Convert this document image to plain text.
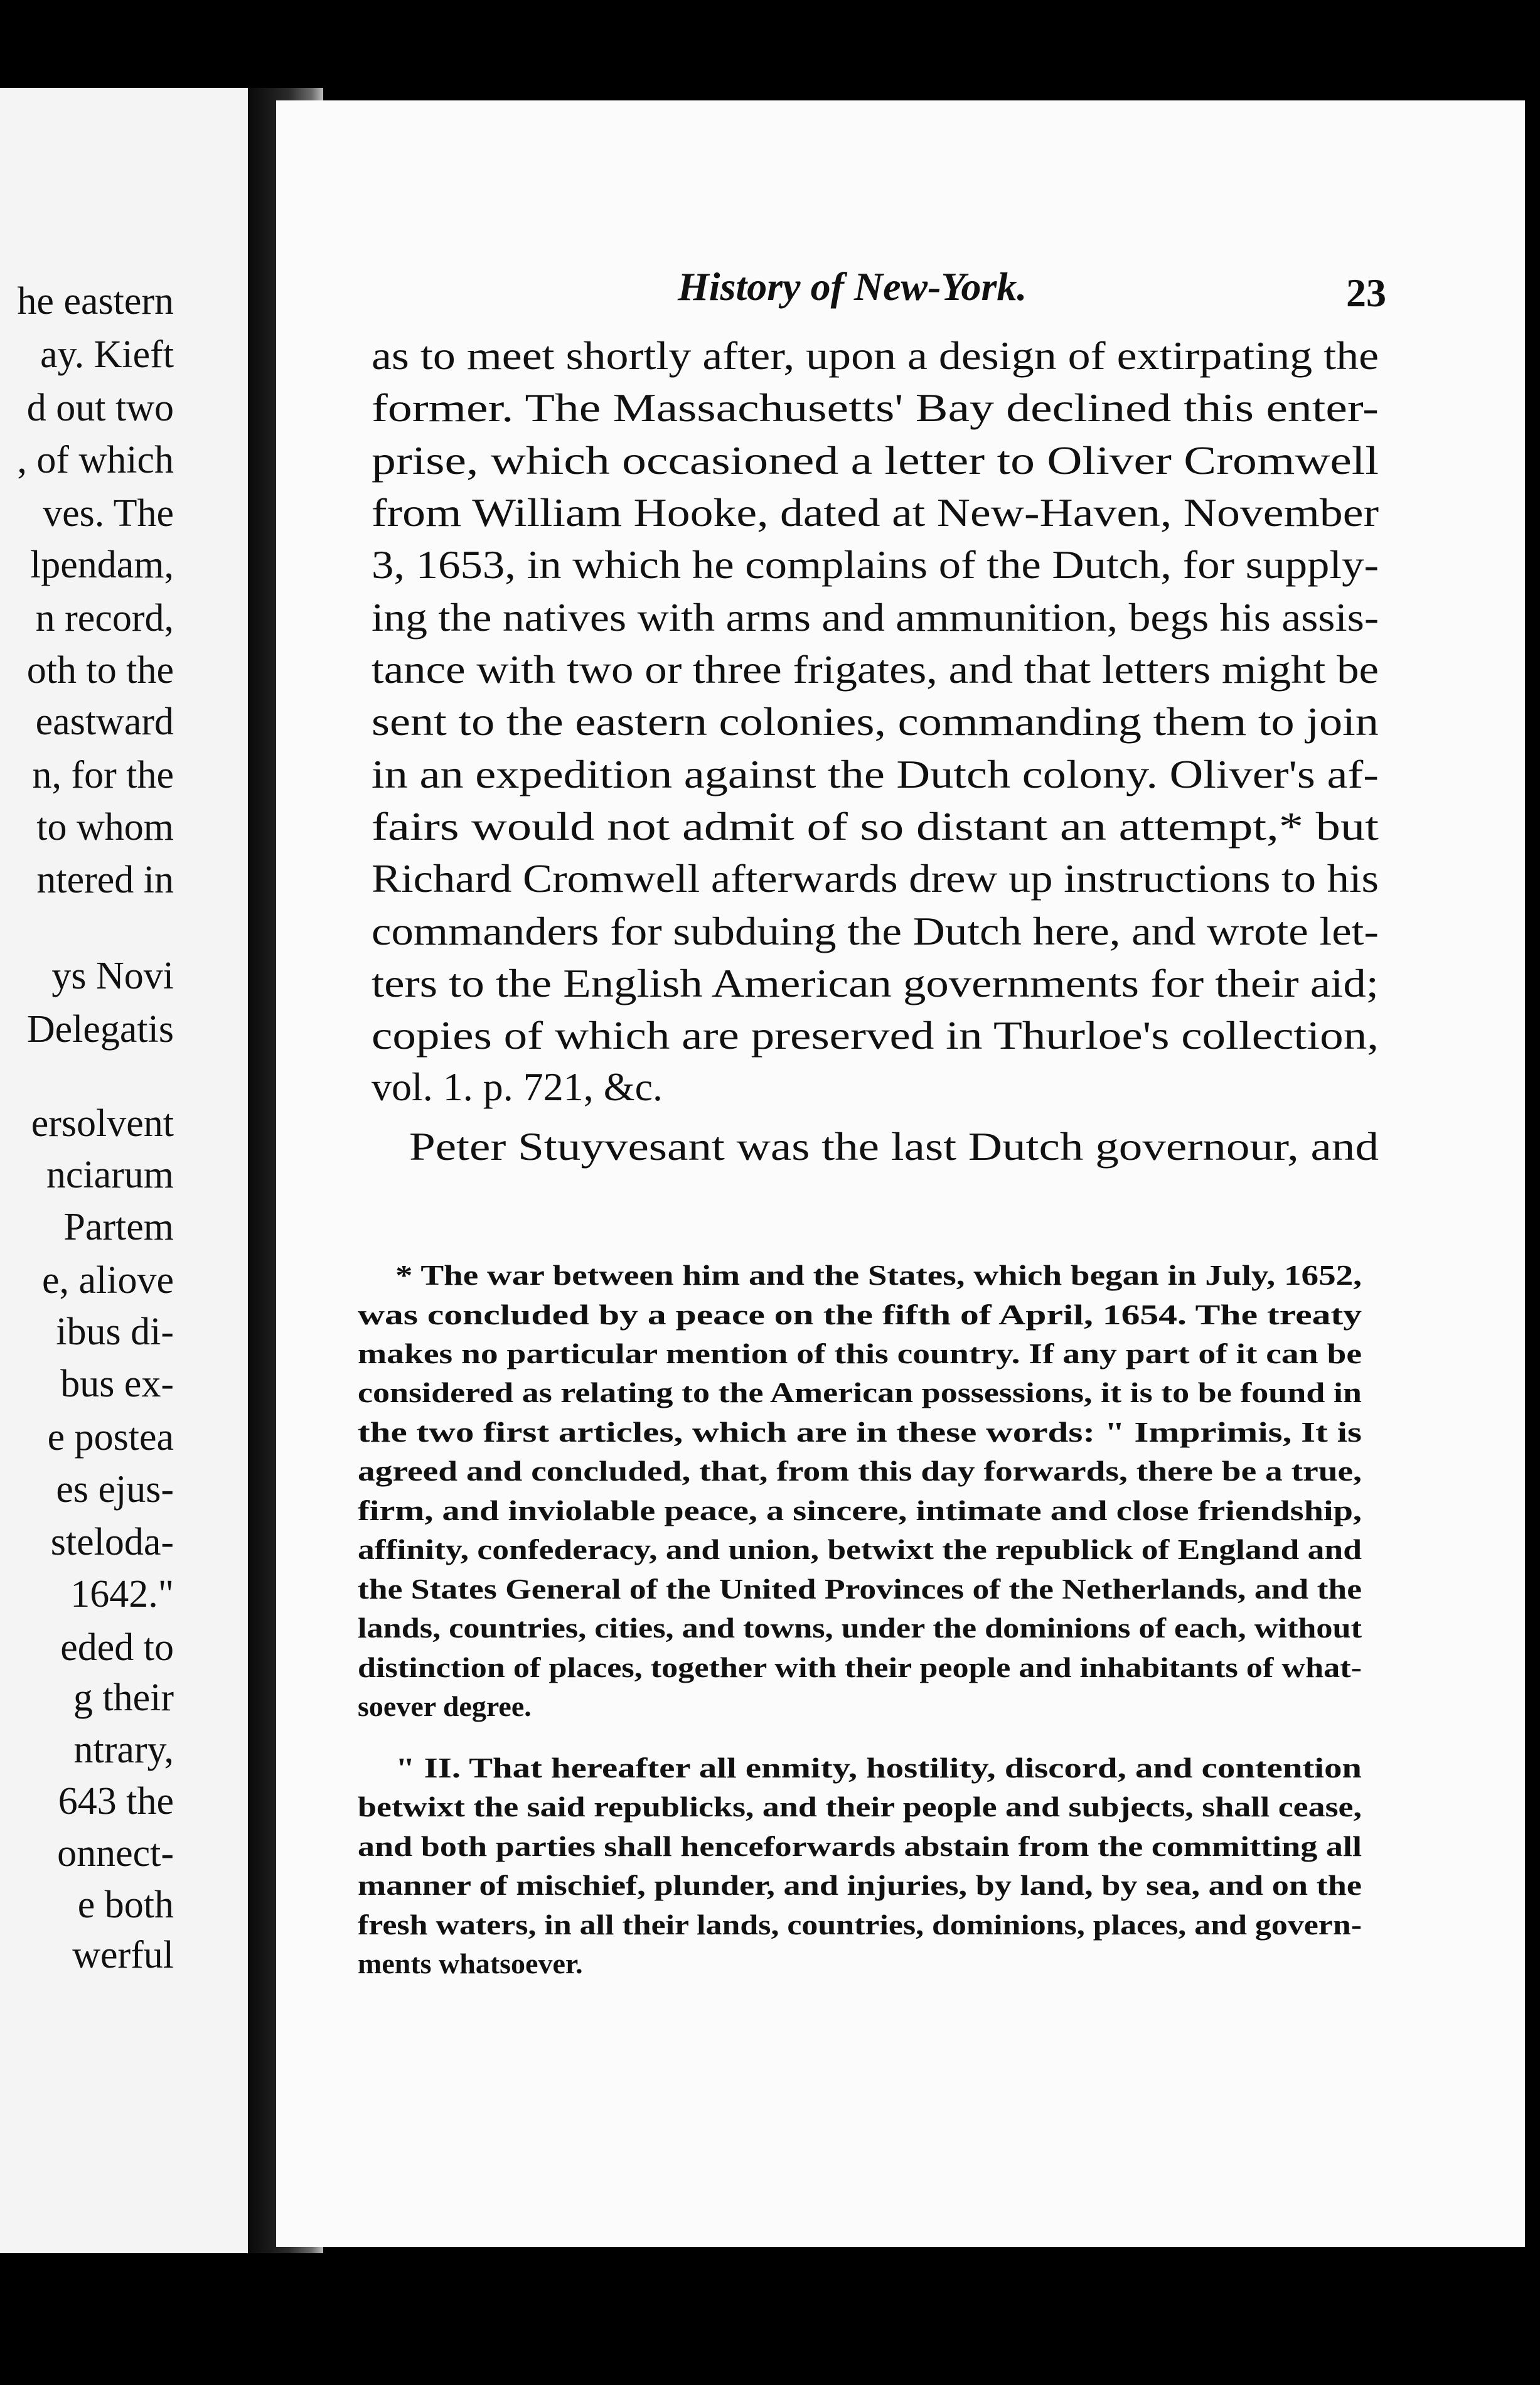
he eastern
ay. Kieft
d out two
, of which
ves. The
lpendam,
n record,
oth to the
eastward
n, for the
to whom
ntered in
ys Novi
Delegatis
ersolvent
nciarum
Partem
e, aliove
ibus di-
bus ex-
e postea
es ejus-
steloda-
1642."
eded to
g their
ntrary,
643 the
onnect-
e both
werful
History of New-York.	23
as to meet shortly after, upon a design of extirpating the
former. The Massachusetts' Bay declined this enter-
prise, which occasioned a letter to Oliver Cromwell
from William Hooke, dated at New-Haven, November
3, 1653, in which he complains of the Dutch, for supply-
ing the natives with arms and ammunition, begs his assis-
tance with two or three frigates, and that letters might be
sent to the eastern colonies, commanding them to join
in an expedition against the Dutch colony. Oliver's af-
fairs would not admit of so distant an attempt,* but
Richard Cromwell afterwards drew up instructions to his
commanders for subduing the Dutch here, and wrote let-
ters to the English American governments for their aid;
copies of which are preserved in Thurloe's collection,
vol. 1. p. 721, &c.
Peter Stuyvesant was the last Dutch governour, and
* The war between him and the States, which began in July, 1652,
was concluded by a peace on the fifth of April, 1654. The treaty
makes no particular mention of this country. If any part of it can be
considered as relating to the American possessions, it is to be found in
the two first articles, which are in these words: " Imprimis, It is
agreed and concluded, that, from this day forwards, there be a true,
firm, and inviolable peace, a sincere, intimate and close friendship,
affinity, confederacy, and union, betwixt the republick of England and
the States General of the United Provinces of the Netherlands, and the
lands, countries, cities, and towns, under the dominions of each, without
distinction of places, together with their people and inhabitants of what-
soever degree.
" II. That hereafter all enmity, hostility, discord, and contention
betwixt the said republicks, and their people and subjects, shall cease,
and both parties shall henceforwards abstain from the committing all
manner of mischief, plunder, and injuries, by land, by sea, and on the
fresh waters, in all their lands, countries, dominions, places, and govern-
ments whatsoever.
